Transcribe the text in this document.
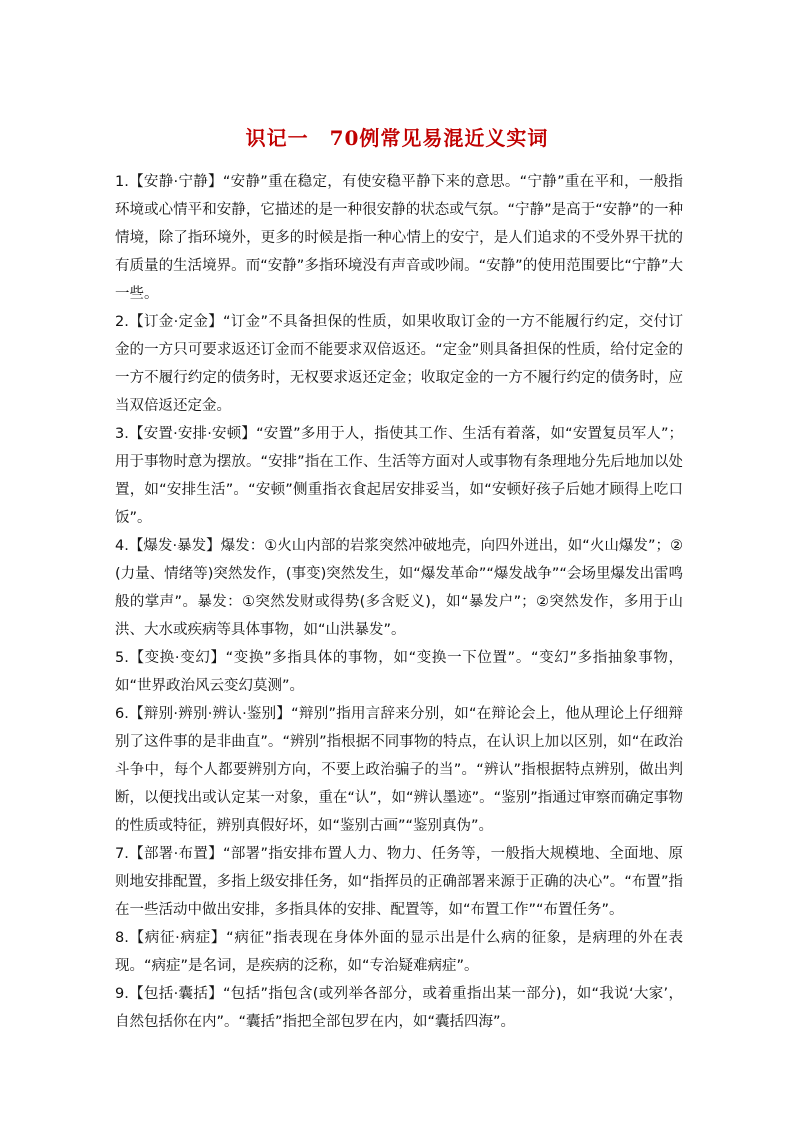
识记一　70例常见易混近义实词

1.【安静·宁静】“安静”重在稳定，有使安稳平静下来的意思。“宁静”重在平和，一般指环境或心情平和安静，它描述的是一种很安静的状态或气氛。“宁静”是高于“安静”的一种情境，除了指环境外，更多的时候是指一种心情上的安宁，是人们追求的不受外界干扰的有质量的生活境界。而“安静”多指环境没有声音或吵闹。“安静”的使用范围要比“宁静”大一些。

2.【订金·定金】“订金”不具备担保的性质，如果收取订金的一方不能履行约定，交付订金的一方只可要求返还订金而不能要求双倍返还。“定金”则具备担保的性质，给付定金的一方不履行约定的债务时，无权要求返还定金；收取定金的一方不履行约定的债务时，应当双倍返还定金。

3.【安置·安排·安顿】“安置”多用于人，指使其工作、生活有着落，如“安置复员军人”；用于事物时意为摆放。“安排”指在工作、生活等方面对人或事物有条理地分先后地加以处置，如“安排生活”。“安顿”侧重指衣食起居安排妥当，如“安顿好孩子后她才顾得上吃口饭”。

4.【爆发·暴发】爆发：①火山内部的岩浆突然冲破地壳，向四外迸出，如“火山爆发”；②(力量、情绪等)突然发作，(事变)突然发生，如“爆发革命”“爆发战争”“会场里爆发出雷鸣般的掌声”。暴发：①突然发财或得势(多含贬义)，如“暴发户”；②突然发作，多用于山洪、大水或疾病等具体事物，如“山洪暴发”。

5.【变换·变幻】“变换”多指具体的事物，如“变换一下位置”。“变幻”多指抽象事物，如“世界政治风云变幻莫测”。

6.【辩别·辨别·辨认·鉴别】“辩别”指用言辞来分别，如“在辩论会上，他从理论上仔细辩别了这件事的是非曲直”。“辨别”指根据不同事物的特点，在认识上加以区别，如“在政治斗争中，每个人都要辨别方向，不要上政治骗子的当”。“辨认”指根据特点辨别，做出判断，以便找出或认定某一对象，重在“认”，如“辨认墨迹”。“鉴别”指通过审察而确定事物的性质或特征，辨别真假好坏，如“鉴别古画”“鉴别真伪”。

7.【部署·布置】“部署”指安排布置人力、物力、任务等，一般指大规模地、全面地、原则地安排配置，多指上级安排任务，如“指挥员的正确部署来源于正确的决心”。“布置”指在一些活动中做出安排，多指具体的安排、配置等，如“布置工作”“布置任务”。

8.【病征·病症】“病征”指表现在身体外面的显示出是什么病的征象，是病理的外在表现。“病症”是名词，是疾病的泛称，如“专治疑难病症”。

9.【包括·囊括】“包括”指包含(或列举各部分，或着重指出某一部分)，如“我说‘大家’，自然包括你在内”。“囊括”指把全部包罗在内，如“囊括四海”。
